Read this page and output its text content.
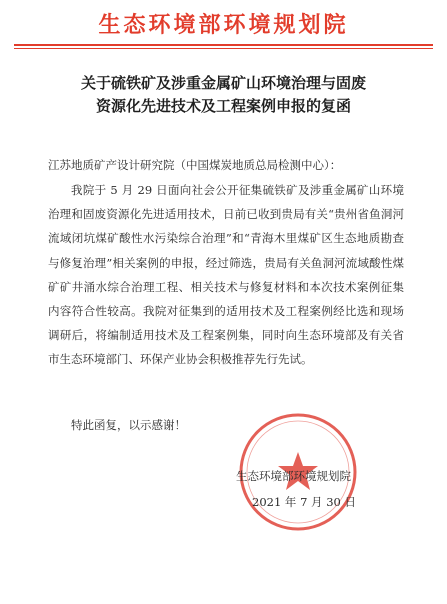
生态环境部环境规划院
关于硫铁矿及涉重金属矿山环境治理与固废
资源化先进技术及工程案例申报的复函
江苏地质矿产设计研究院（中国煤炭地质总局检测中心）：
我院于 5 月 29 日面向社会公开征集硫铁矿及涉重金属矿山环境治理和固废资源化先进适用技术，日前已收到贵局有关“贵州省鱼洞河流域闭坑煤矿酸性水污染综合治理”和“青海木里煤矿区生态地质勘查与修复治理”相关案例的申报，经过筛选，贵局有关鱼洞河流域酸性煤矿矿井涌水综合治理工程、相关技术与修复材料和本次技术案例征集内容符合性较高。我院对征集到的适用技术及工程案例经比选和现场调研后，将编制适用技术及工程案例集，同时向生态环境部及有关省市生态环境部门、环保产业协会积极推荐先行先试。
特此函复，以示感谢！
生态环境部环境规划院
2021 年 7 月 30 日
